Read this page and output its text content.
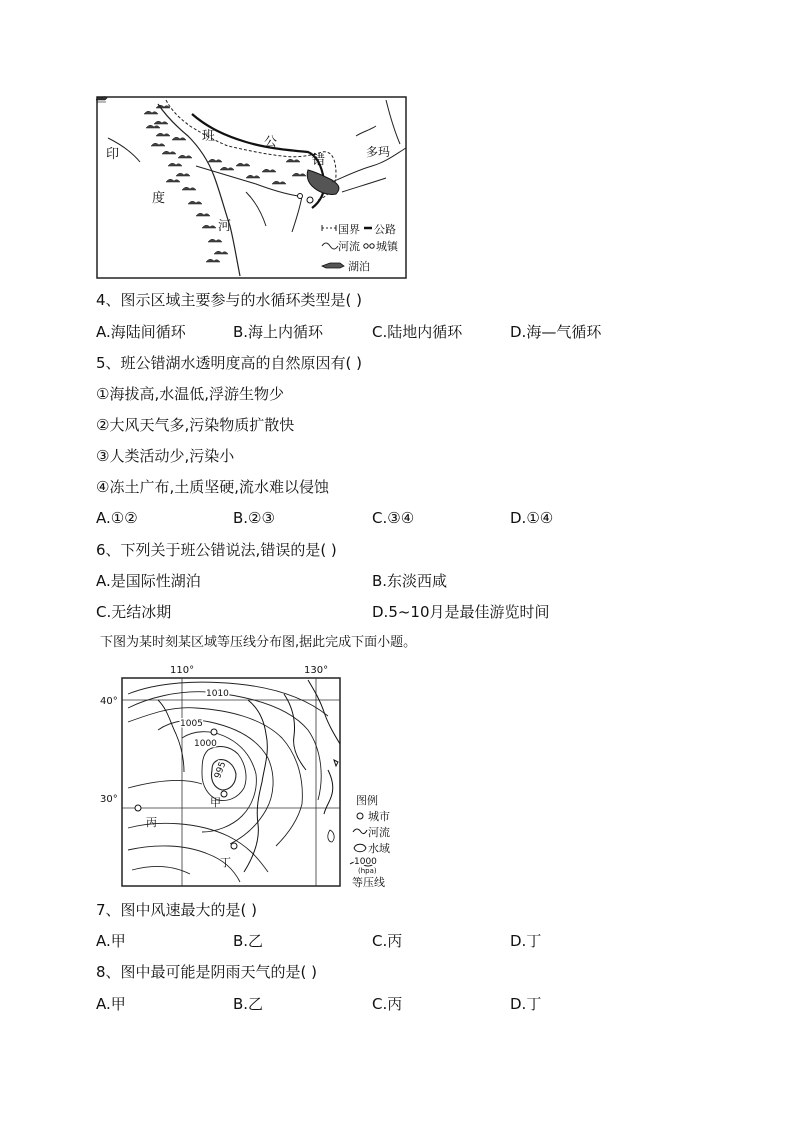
班	公
错
多玛
印
度
河	国界 公路
河流 城镇
湖泊
4、图示区域主要参与的水循环类型是( )
A.海陆间循环	B.海上内循环	C.陆地内循环	D.海—气循环
5、班公错湖水透明度高的自然原因有( )
①海拔高,水温低,浮游生物少
②大风天气多,污染物质扩散快
③人类活动少,污染小
④冻土广布,土质坚硬,流水难以侵蚀
A.①②	B.②③	C.③④	D.①④
6、下列关于班公错说法,错误的是( )
A.是国际性湖泊	B.东淡西咸
C.无结冰期	D.5~10月是最佳游览时间
下图为某时刻某区域等压线分布图,据此完成下面小题。
110°	130°
40°
30°
1010
1005
1000
995
甲
丙
丁
图例
城市
河流
水域
1000
(hpa)
等压线
7、图中风速最大的是( )
A.甲	B.乙	C.丙	D.丁
8、图中最可能是阴雨天气的是( )
A.甲	B.乙	C.丙	D.丁
